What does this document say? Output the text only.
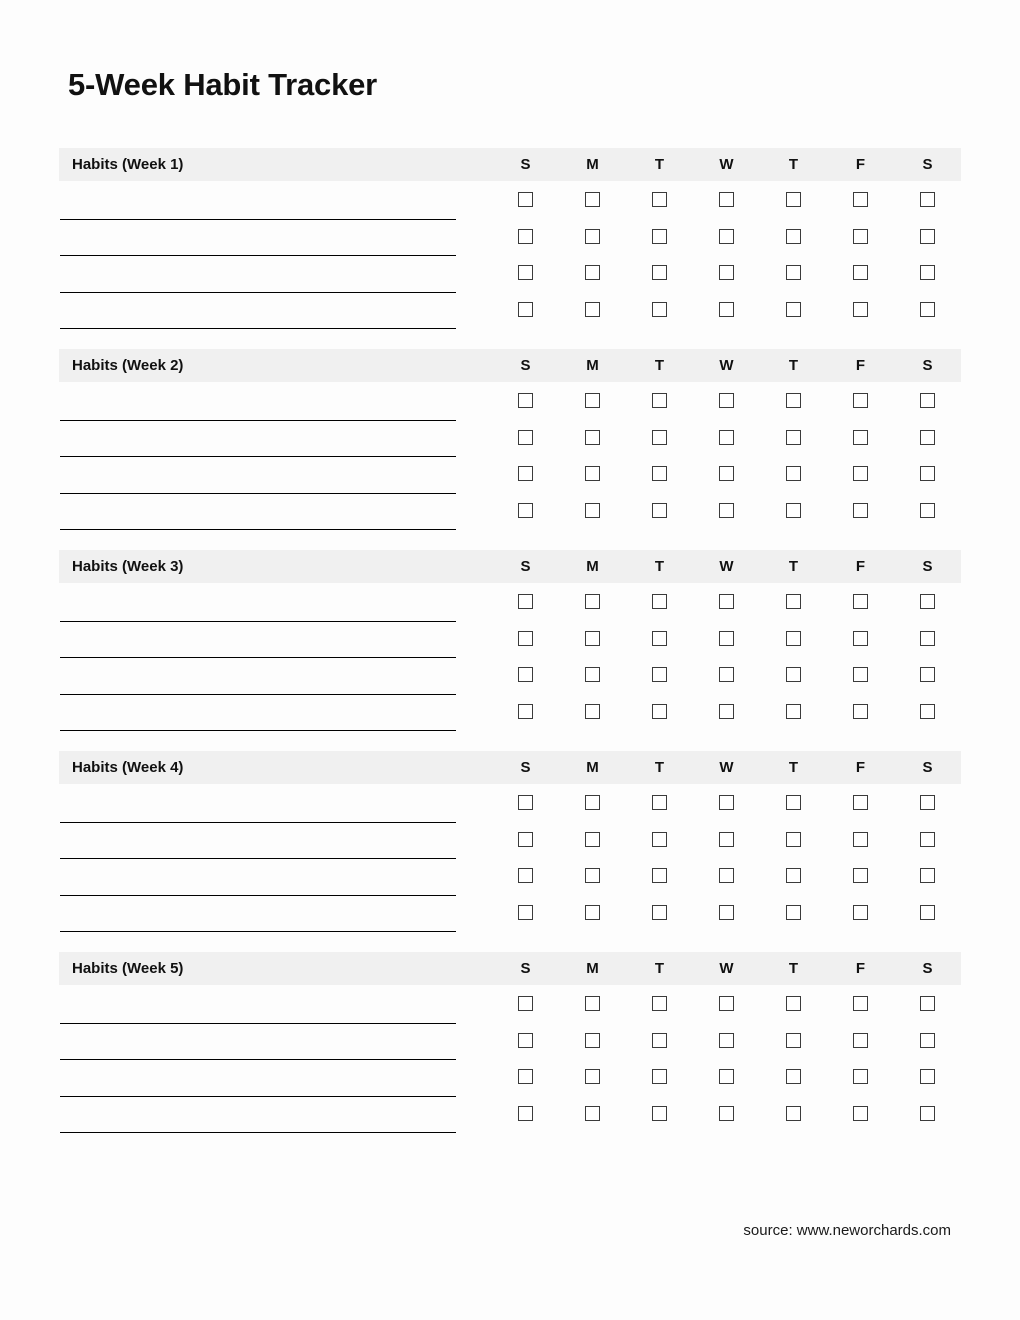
5-Week Habit Tracker
Habits (Week 1)	S	M	T	W	T	F	S
Habits (Week 2)	S	M	T	W	T	F	S
Habits (Week 3)	S	M	T	W	T	F	S
Habits (Week 4)	S	M	T	W	T	F	S
Habits (Week 5)	S	M	T	W	T	F	S
source: www.neworchards.com
